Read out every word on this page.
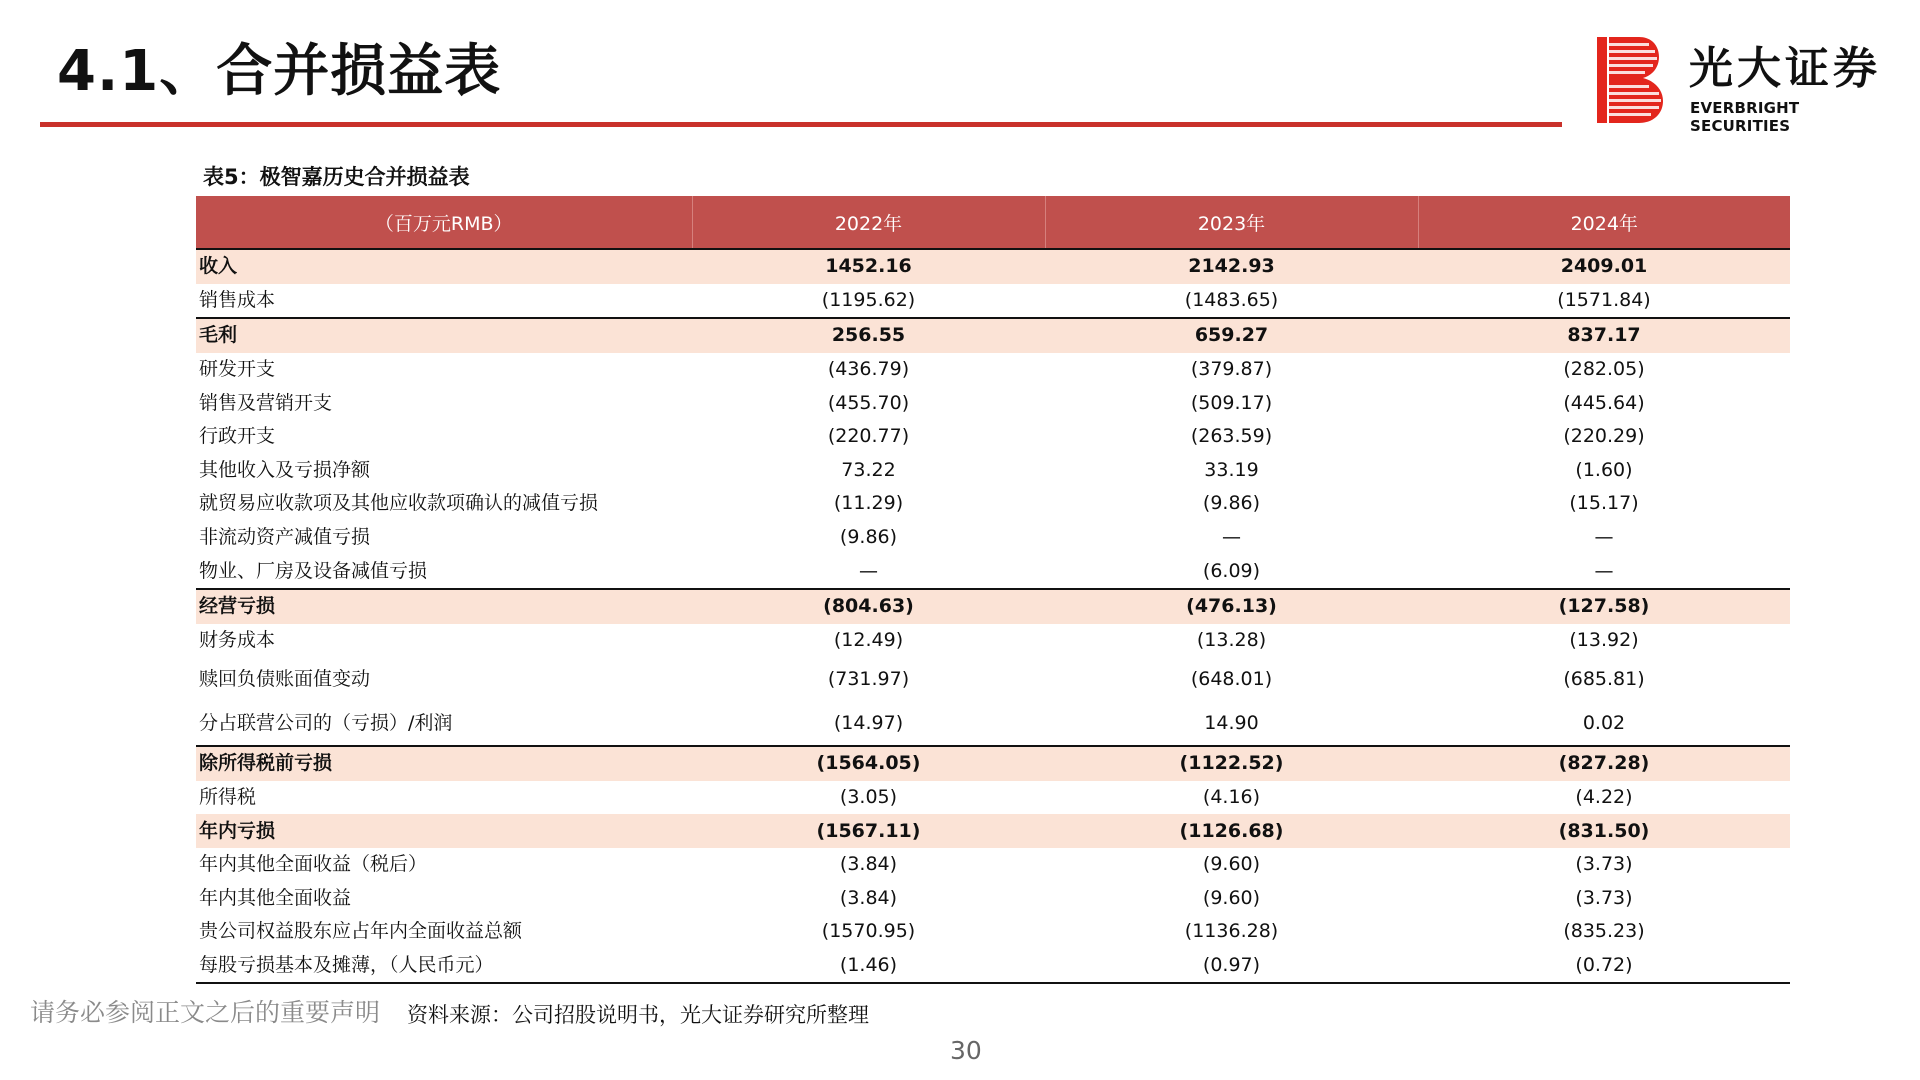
4.1、合并损益表	光大证券
EVERBRIGHT SECURITIES
表5：极智嘉历史合并损益表
（百万元RMB）	2022年	2023年	2024年
收入	1452.16	2142.93	2409.01
销售成本	(1195.62)	(1483.65)	(1571.84)
毛利	256.55	659.27	837.17
研发开支	(436.79)	(379.87)	(282.05)
销售及营销开支	(455.70)	(509.17)	(445.64)
行政开支	(220.77)	(263.59)	(220.29)
其他收入及亏损净额	73.22	33.19	(1.60)
就贸易应收款项及其他应收款项确认的减值亏损	(11.29)	(9.86)	(15.17)
非流动资产减值亏损	(9.86)	—	—
物业、厂房及设备减值亏损	—	(6.09)	—
经营亏损	(804.63)	(476.13)	(127.58)
财务成本	(12.49)	(13.28)	(13.92)
赎回负债账面值变动	(731.97)	(648.01)	(685.81)
分占联营公司的（亏损）/利润	(14.97)	14.90	0.02
除所得税前亏损	(1564.05)	(1122.52)	(827.28)
所得税	(3.05)	(4.16)	(4.22)
年内亏损	(1567.11)	(1126.68)	(831.50)
年内其他全面收益（税后）	(3.84)	(9.60)	(3.73)
年内其他全面收益	(3.84)	(9.60)	(3.73)
贵公司权益股东应占年内全面收益总额	(1570.95)	(1136.28)	(835.23)
每股亏损基本及摊薄，（人民币元）	(1.46)	(0.97)	(0.72)
请务必参阅正文之后的重要声明 资料来源：公司招股说明书，光大证券研究所整理
30
